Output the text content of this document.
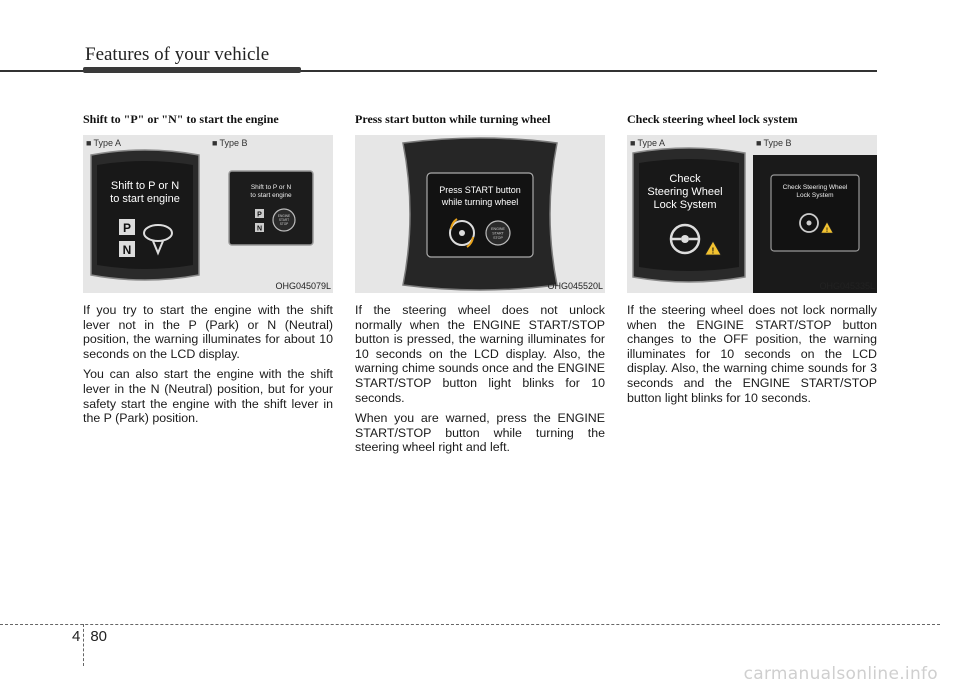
Features of your vehicle
Shift to "P" or "N" to start the engine
■ Type A	■ Type B
Shift to P or N
to start engine
P
N
Shift to P or N
to start engine
P
N
ENGINE
START
STOP
OHG045079L

If you try to start the engine with the shift lever not in the P (Park) or N (Neutral) position, the warning illuminates for about 10 seconds on the LCD display.

You can also start the engine with the shift lever in the N (Neutral) position, but for your safety start the engine with the shift lever in the P (Park) position.

Press start button while turning wheel
Press START button
while turning wheel
ENGINE
START
STOP
OHG045520L

If the steering wheel does not unlock normally when the ENGINE START/STOP button is pressed, the warning illuminates for 10 seconds on the LCD display. Also, the warning chime sounds once and the ENGINE START/STOP button light blinks for 10 seconds.

When you are warned, press the ENGINE START/STOP button while turning the steering wheel right and left.

Check steering wheel lock system
■ Type A	■ Type B
Check
Steering Wheel
Lock System
!
Check Steering Wheel
Lock System
!
OHG045335L

If the steering wheel does not lock normally when the ENGINE START/STOP button changes to the OFF position, the warning illuminates for 10 seconds on the LCD display. Also, the warning chime sounds for 3 seconds and the ENGINE START/STOP button light blinks for 10 seconds.

4 80
carmanualsonline.info
